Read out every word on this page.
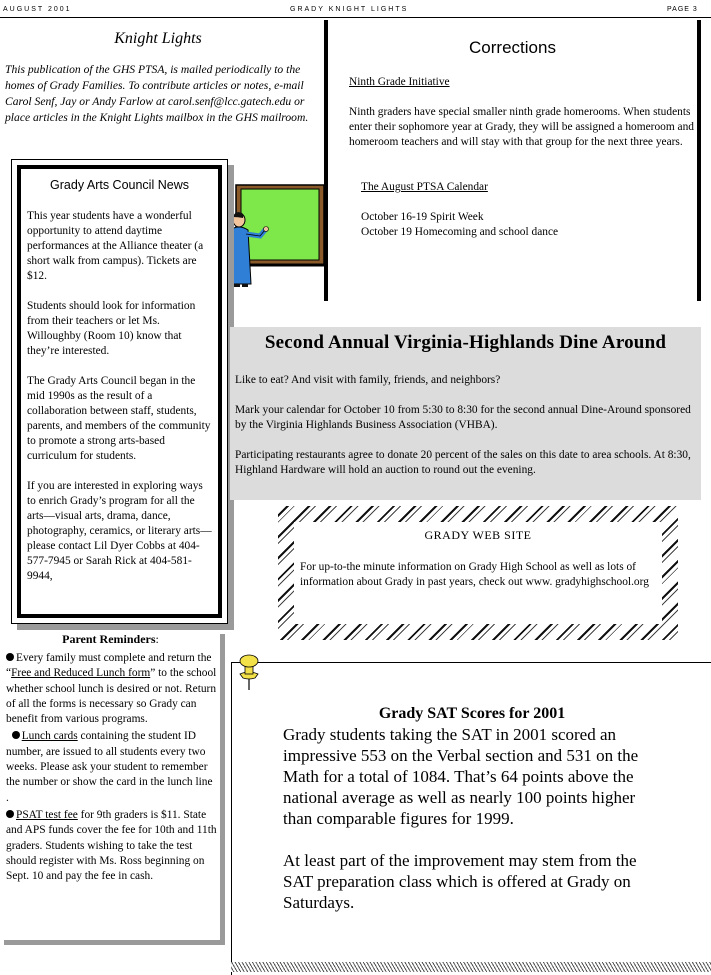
AUGUST 2001	GRADY KNIGHT LIGHTS	PAGE 3
Knight Lights
This publication of the GHS PTSA, is mailed periodically to the homes of Grady Families. To contribute articles or notes, e-mail Carol Senf, Jay or Andy Farlow at carol.senf@lcc.gatech.edu or place articles in the Knight Lights mailbox in the GHS mailroom.
Corrections
Ninth Grade Initiative
Ninth graders have special smaller ninth grade homerooms. When students enter their sophomore year at Grady, they will be assigned a homeroom and homeroom teachers and will stay with that group for the next three years.
The August PTSA Calendar
October 16-19 Spirit Week
October 19 Homecoming and school dance
Grady Arts Council News

This year students have a wonderful opportunity to attend daytime performances at the Alliance theater (a short walk from campus). Tickets are $12.

Students should look for information from their teachers or let Ms. Willoughby (Room 10) know that they’re interested.

The Grady Arts Council began in the mid 1990s as the result of a collaboration between staff, students, parents, and members of the community to promote a strong arts-based curriculum for students.

If you are interested in exploring ways to enrich Grady’s program for all the arts—visual arts, drama, dance, photography, ceramics, or literary arts—please contact Lil Dyer Cobbs at 404-577-7945 or Sarah Rick at 404-581-9944,

Second Annual Virginia-Highlands Dine Around

Like to eat? And visit with family, friends, and neighbors?

Mark your calendar for October 10 from 5:30 to 8:30 for the second annual Dine-Around sponsored by the Virginia Highlands Business Association (VHBA).

Participating restaurants agree to donate 20 percent of the sales on this date to area schools. At 8:30, Highland Hardware will hold an auction to round out the evening.

GRADY WEB SITE
For up-to-the minute information on Grady High School as well as lots of information about Grady in past years, check out www. gradyhighschool.org
Parent Reminders:

Every family must complete and return the “Free and Reduced Lunch form” to the school whether school lunch is desired or not. Return of all the forms is necessary so Grady can benefit from various programs.

Lunch cards containing the student ID number, are issued to all students every two weeks. Please ask your student to remember the number or show the card in the lunch line .

PSAT test fee for 9th graders is $11. State and APS funds cover the fee for 10th and 11th graders. Students wishing to take the test should register with Ms. Ross beginning on Sept. 10 and pay the fee in cash.

Grady SAT Scores for 2001

Grady students taking the SAT in 2001 scored an impressive 553 on the Verbal section and 531 on the Math for a total of 1084. That’s 64 points above the national average as well as nearly 100 points higher than comparable figures for 1999.

At least part of the improvement may stem from the SAT preparation class which is offered at Grady on Saturdays.
